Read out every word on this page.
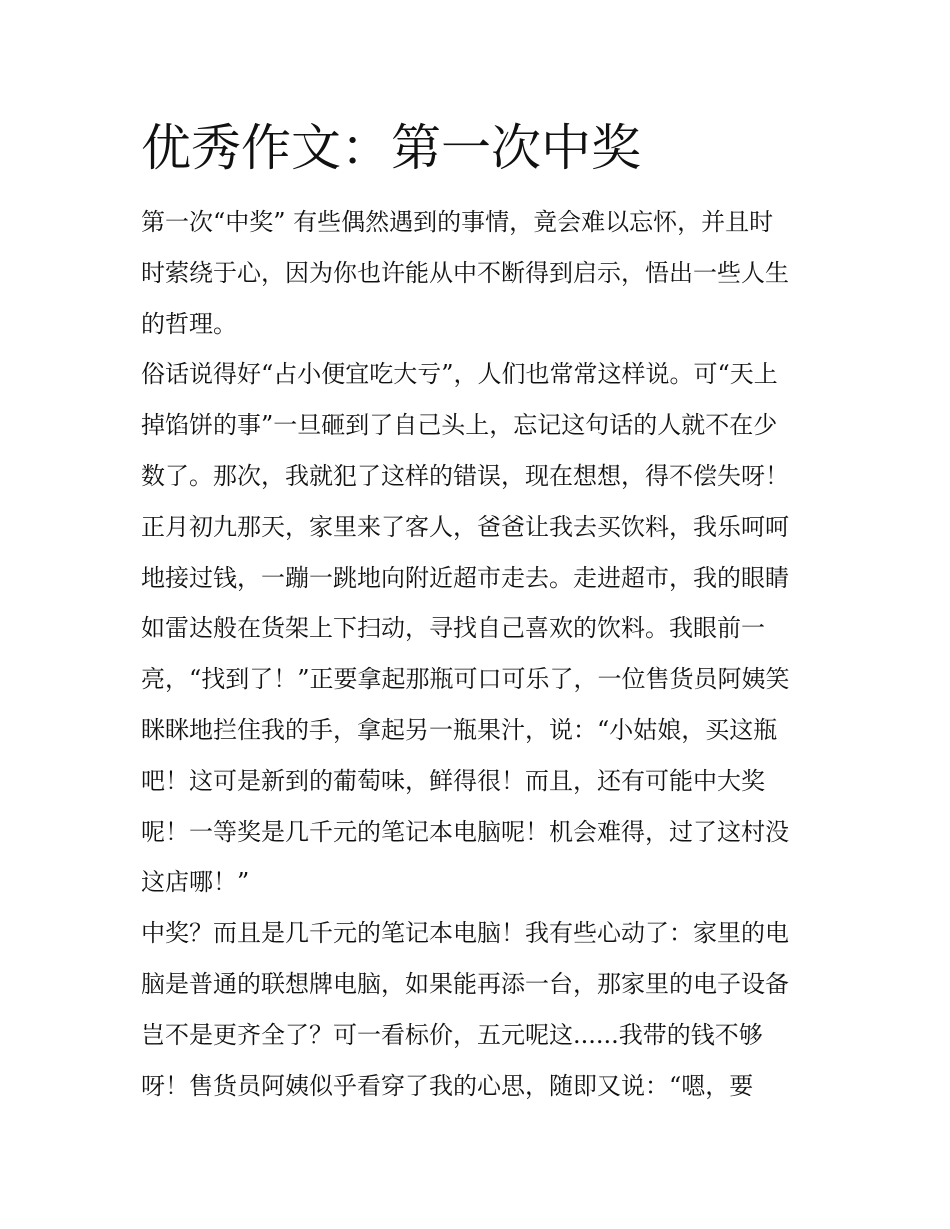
优秀作文：第一次中奖

第一次“中奖” 有些偶然遇到的事情，竟会难以忘怀，并且时

时萦绕于心，因为你也许能从中不断得到启示，悟出一些人生

的哲理。

俗话说得好“占小便宜吃大亏”，人们也常常这样说。可“天上

掉馅饼的事”一旦砸到了自己头上，忘记这句话的人就不在少

数了。那次，我就犯了这样的错误，现在想想，得不偿失呀！

正月初九那天，家里来了客人，爸爸让我去买饮料，我乐呵呵

地接过钱，一蹦一跳地向附近超市走去。走进超市，我的眼睛

如雷达般在货架上下扫动，寻找自己喜欢的饮料。我眼前一

亮，“找到了！”正要拿起那瓶可口可乐了，一位售货员阿姨笑

眯眯地拦住我的手，拿起另一瓶果汁，说：“小姑娘，买这瓶

吧！这可是新到的葡萄味，鲜得很！而且，还有可能中大奖

呢！一等奖是几千元的笔记本电脑呢！机会难得，过了这村没

这店哪！”

中奖？而且是几千元的笔记本电脑！我有些心动了：家里的电

脑是普通的联想牌电脑，如果能再添一台，那家里的电子设备

岂不是更齐全了？可一看标价，五元呢这......我带的钱不够

呀！售货员阿姨似乎看穿了我的心思，随即又说：“嗯，要
